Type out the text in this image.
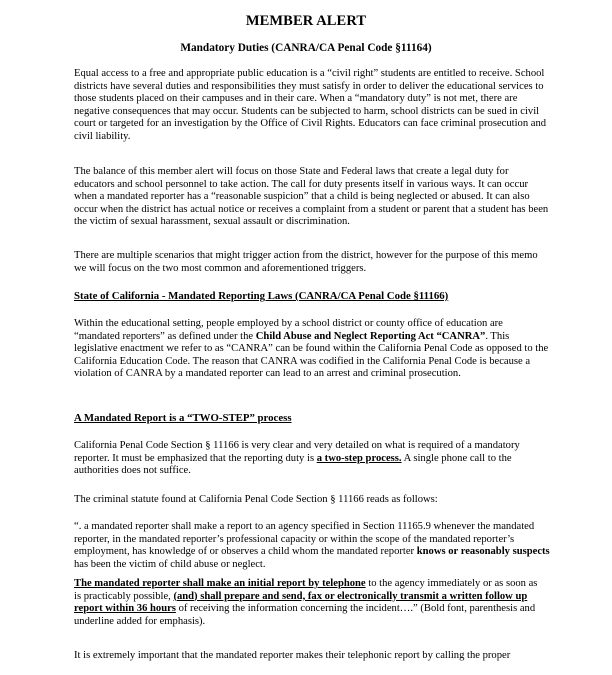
MEMBER ALERT
Mandatory Duties (CANRA/CA Penal Code §11164)

Equal access to a free and appropriate public education is a “civil right” students are entitled to receive. School districts have several duties and responsibilities they must satisfy in order to deliver the educational services to those students placed on their campuses and in their care. When a “mandatory duty” is not met, there are negative consequences that may occur. Students can be subjected to harm, school districts can be sued in civil court or targeted for an investigation by the Office of Civil Rights. Educators can face criminal prosecution and civil liability.

The balance of this member alert will focus on those State and Federal laws that create a legal duty for educators and school personnel to take action. The call for duty presents itself in various ways. It can occur when a mandated reporter has a “reasonable suspicion” that a child is being neglected or abused. It can also occur when the district has actual notice or receives a complaint from a student or parent that a student has been the victim of sexual harassment, sexual assault or discrimination.

There are multiple scenarios that might trigger action from the district, however for the purpose of this memo we will focus on the two most common and aforementioned triggers.

State of California - Mandated Reporting Laws (CANRA/CA Penal Code §11166)

Within the educational setting, people employed by a school district or county office of education are “mandated reporters” as defined under the Child Abuse and Neglect Reporting Act “CANRA”. This legislative enactment we refer to as “CANRA” can be found within the California Penal Code as opposed to the California Education Code. The reason that CANRA was codified in the California Penal Code is because a violation of CANRA by a mandated reporter can lead to an arrest and criminal prosecution.

A Mandated Report is a “TWO-STEP” process

California Penal Code Section § 11166 is very clear and very detailed on what is required of a mandatory reporter. It must be emphasized that the reporting duty is a two-step process. A single phone call to the authorities does not suffice.

The criminal statute found at California Penal Code Section § 11166 reads as follows:

“. a mandated reporter shall make a report to an agency specified in Section 11165.9 whenever the mandated reporter, in the mandated reporter’s professional capacity or within the scope of the mandated reporter’s employment, has knowledge of or observes a child whom the mandated reporter knows or reasonably suspects has been the victim of child abuse or neglect.

The mandated reporter shall make an initial report by telephone to the agency immediately or as soon as is practicably possible, (and) shall prepare and send, fax or electronically transmit a written follow up report within 36 hours of receiving the information concerning the incident….” (Bold font, parenthesis and underline added for emphasis).

It is extremely important that the mandated reporter makes their telephonic report by calling the proper
